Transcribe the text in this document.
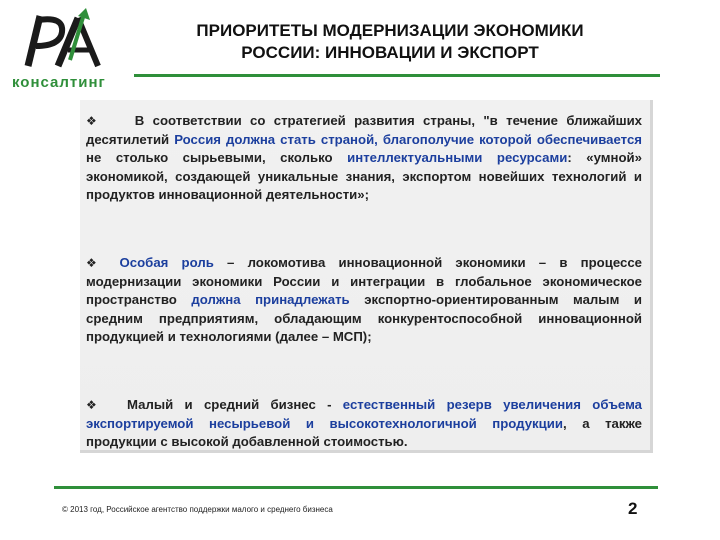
консалтинг
ПРИОРИТЕТЫ МОДЕРНИЗАЦИИ ЭКОНОМИКИ
РОССИИ: ИННОВАЦИИ И ЭКСПОРТ
❖	В соответствии со стратегией развития страны, "в течение ближайших десятилетий Россия должна стать страной, благополучие которой обеспечивается не столько сырьевыми, сколько интеллектуальными ресурсами: «умной» экономикой, создающей уникальные знания, экспортом новейших технологий и продуктов инновационной деятельности»;
❖ Особая роль – локомотива инновационной экономики – в процессе модернизации экономики России и интеграции в глобальное экономическое пространство должна принадлежать экспортно-ориентированным малым и средним предприятиям, обладающим конкурентоспособной инновационной продукцией и технологиями (далее – МСП);
❖ Малый и средний бизнес - естественный резерв увеличения объема экспортируемой несырьевой и высокотехнологичной продукции, а также продукции с высокой добавленной стоимостью.
© 2013 год, Российское агентство поддержки малого и среднего бизнеса	2
